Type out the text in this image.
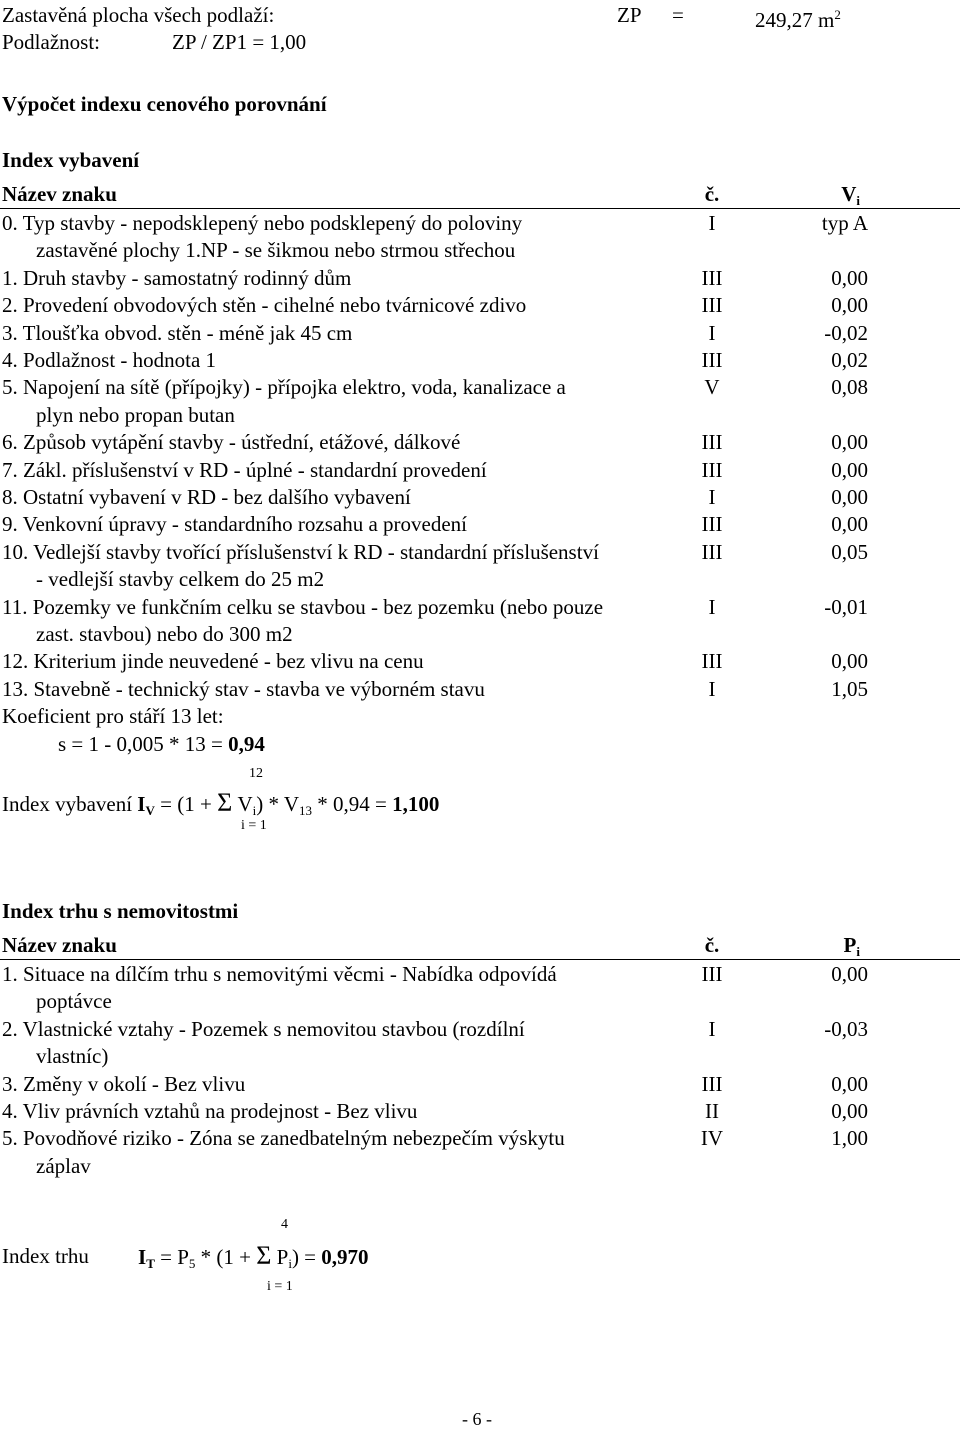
Zastavěná plocha všech podlaží:	ZP =	249,27 $m^2$
Podlažnost:	ZP / ZP1 = 1,00
Výpočet indexu cenového porovnání
Index vybavení
Název znaku	č.	$V_i$
0. Typ stavby - nepodsklepený nebo podsklepený do poloviny	I	typ A
zastavěné plochy 1.NP - se šikmou nebo strmou střechou
1. Druh stavby - samostatný rodinný dům	III	0,00
2. Provedení obvodových stěn - cihelné nebo tvárnicové zdivo	III	0,00
3. Tloušťka obvod. stěn - méně jak 45 cm	I	-0,02
4. Podlažnost - hodnota 1	III	0,02
5. Napojení na sítě (přípojky) - přípojka elektro, voda, kanalizace a	V	0,08
plyn nebo propan butan
6. Způsob vytápění stavby - ústřední, etážové, dálkové	III	0,00
7. Zákl. příslušenství v RD - úplné - standardní provedení	III	0,00
8. Ostatní vybavení v RD - bez dalšího vybavení	I	0,00
9. Venkovní úpravy - standardního rozsahu a provedení	III	0,00
10. Vedlejší stavby tvořící příslušenství k RD - standardní příslušenství	III	0,05
- vedlejší stavby celkem do 25 m2
11. Pozemky ve funkčním celku se stavbou - bez pozemku (nebo pouze	I	-0,01
zast. stavbou) nebo do 300 m2
12. Kriterium jinde neuvedené - bez vlivu na cenu	III	0,00
13. Stavebně - technický stav - stavba ve výborném stavu	I	1,05
Koeficient pro stáří 13 let:
s = 1 - 0,005 * 13 = 0,94
12
Index vybavení $I_V = (1 + \Sigma$ $V_i) * V_{13} * 0,94 = 1,100$
i = 1
Index trhu s nemovitostmi
Název znaku	č.	$P_i$
1. Situace na dílčím trhu s nemovitými věcmi - Nabídka odpovídá	III	0,00
poptávce
2. Vlastnické vztahy - Pozemek s nemovitou stavbou (rozdílní	I	-0,03
vlastníc)
3. Změny v okolí - Bez vlivu	III	0,00
4. Vliv právních vztahů na prodejnost - Bez vlivu	II	0,00
5. Povodňové riziko - Zóna se zanedbatelným nebezpečím výskytu	IV	1,00
záplav
4
Index trhu $I_T = P_5 * (1 + \Sigma$ $P_i) = 0,970$
i = 1
- 6 -
